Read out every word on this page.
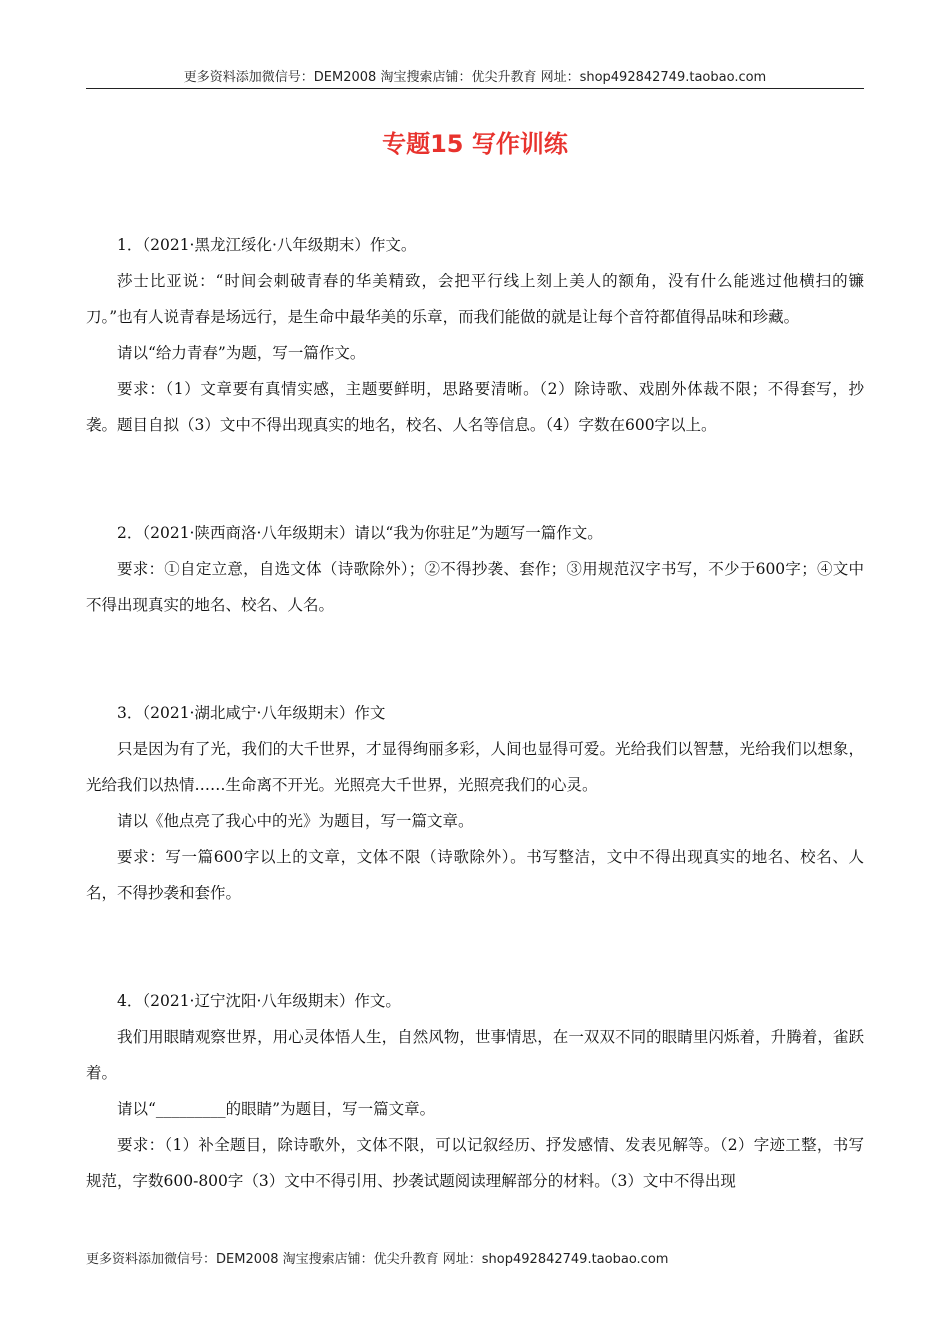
更多资料添加微信号：DEM2008 淘宝搜索店铺：优尖升教育 网址：shop492842749.taobao.com
专题15 写作训练

1．（2021·黑龙江绥化·八年级期末）作文。

莎士比亚说：“时间会刺破青春的华美精致，会把平行线上刻上美人的额角，没有什么能逃过他横扫的镰刀。”也有人说青春是场远行，是生命中最华美的乐章，而我们能做的就是让每个音符都值得品味和珍藏。

请以“给力青春”为题，写一篇作文。

要求：（1）文章要有真情实感，主题要鲜明，思路要清晰。（2）除诗歌、戏剧外体裁不限；不得套写，抄袭。题目自拟（3）文中不得出现真实的地名，校名、人名等信息。（4）字数在600字以上。

2．（2021·陕西商洛·八年级期末）请以“我为你驻足”为题写一篇作文。

要求：①自定立意，自选文体（诗歌除外）；②不得抄袭、套作；③用规范汉字书写，不少于600字；④文中不得出现真实的地名、校名、人名。

3．（2021·湖北咸宁·八年级期末）作文

只是因为有了光，我们的大千世界，才显得绚丽多彩，人间也显得可爱。光给我们以智慧，光给我们以想象，光给我们以热情……生命离不开光。光照亮大千世界，光照亮我们的心灵。

请以《他点亮了我心中的光》为题目，写一篇文章。

要求：写一篇600字以上的文章，文体不限（诗歌除外）。书写整洁，文中不得出现真实的地名、校名、人名，不得抄袭和套作。

4．（2021·辽宁沈阳·八年级期末）作文。

我们用眼睛观察世界，用心灵体悟人生，自然风物，世事情思，在一双双不同的眼睛里闪烁着，升腾着，雀跃着。

请以“_________的眼睛”为题目，写一篇文章。

要求：（1）补全题目，除诗歌外，文体不限，可以记叙经历、抒发感情、发表见解等。（2）字迹工整，书写规范，字数600-800字（3）文中不得引用、抄袭试题阅读理解部分的材料。（3）文中不得出现

更多资料添加微信号：DEM2008 淘宝搜索店铺：优尖升教育 网址：shop492842749.taobao.com
